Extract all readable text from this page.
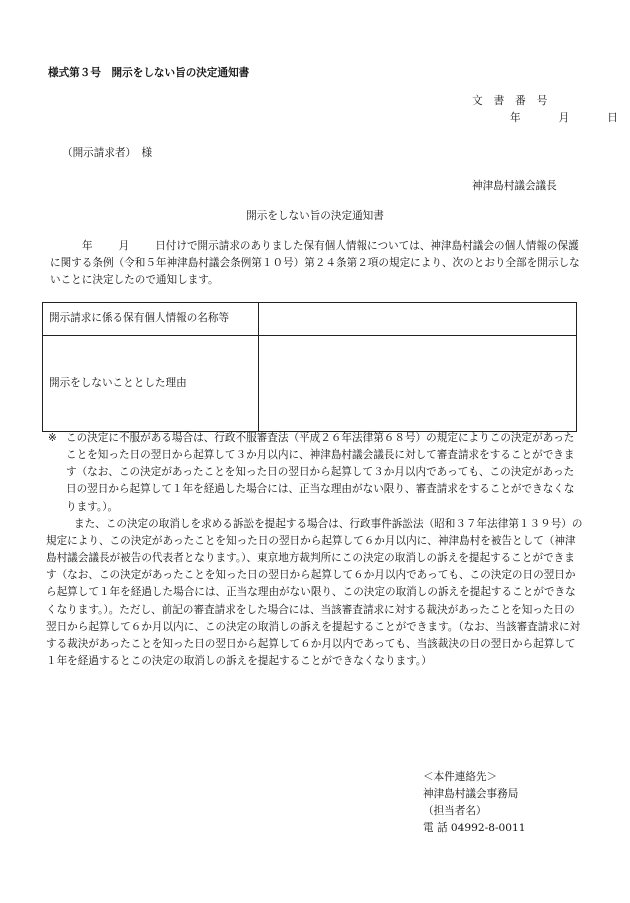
様式第３号　開示をしない旨の決定通知書
文書番号
年	月	日
（開示請求者）　様
神津島村議会議長
開示をしない旨の決定通知書
年 月 日付けで開示請求のありました保有個人情報については、神津島村議会の個人情報の保護に関する条例（令和５年神津島村議会条例第１０号）第２４条第２項の規定により、次のとおり全部を開示しないことに決定したので通知します。
開示請求に係る保有個人情報の名称等	
開示をしないこととした理由	

※ この決定に不服がある場合は、行政不服審査法（平成２６年法律第６８号）の規定によりこの決定があったことを知った日の翌日から起算して３か月以内に、神津島村議会議長に対して審査請求をすることができます（なお、この決定があったことを知った日の翌日から起算して３か月以内であっても、この決定があった日の翌日から起算して１年を経過した場合には、正当な理由がない限り、審査請求をすることができなくなります。）。

また、この決定の取消しを求める訴訟を提起する場合は、行政事件訴訟法（昭和３７年法律第１３９号）の規定により、この決定があったことを知った日の翌日から起算して６か月以内に、神津島村を被告として（神津島村議会議長が被告の代表者となります。）、東京地方裁判所にこの決定の取消しの訴えを提起することができます（なお、この決定があったことを知った日の翌日から起算して６か月以内であっても、この決定の日の翌日から起算して１年を経過した場合には、正当な理由がない限り、この決定の取消しの訴えを提起することができなくなります。）。ただし、前記の審査請求をした場合には、当該審査請求に対する裁決があったことを知った日の翌日から起算して６か月以内に、この決定の取消しの訴えを提起することができます。（なお、当該審査請求に対する裁決があったことを知った日の翌日から起算して６か月以内であっても、当該裁決の日の翌日から起算して１年を経過するとこの決定の取消しの訴えを提起することができなくなります。）

＜本件連絡先＞
神津島村議会事務局
（担当者名）
電 話 04992-8-0011
